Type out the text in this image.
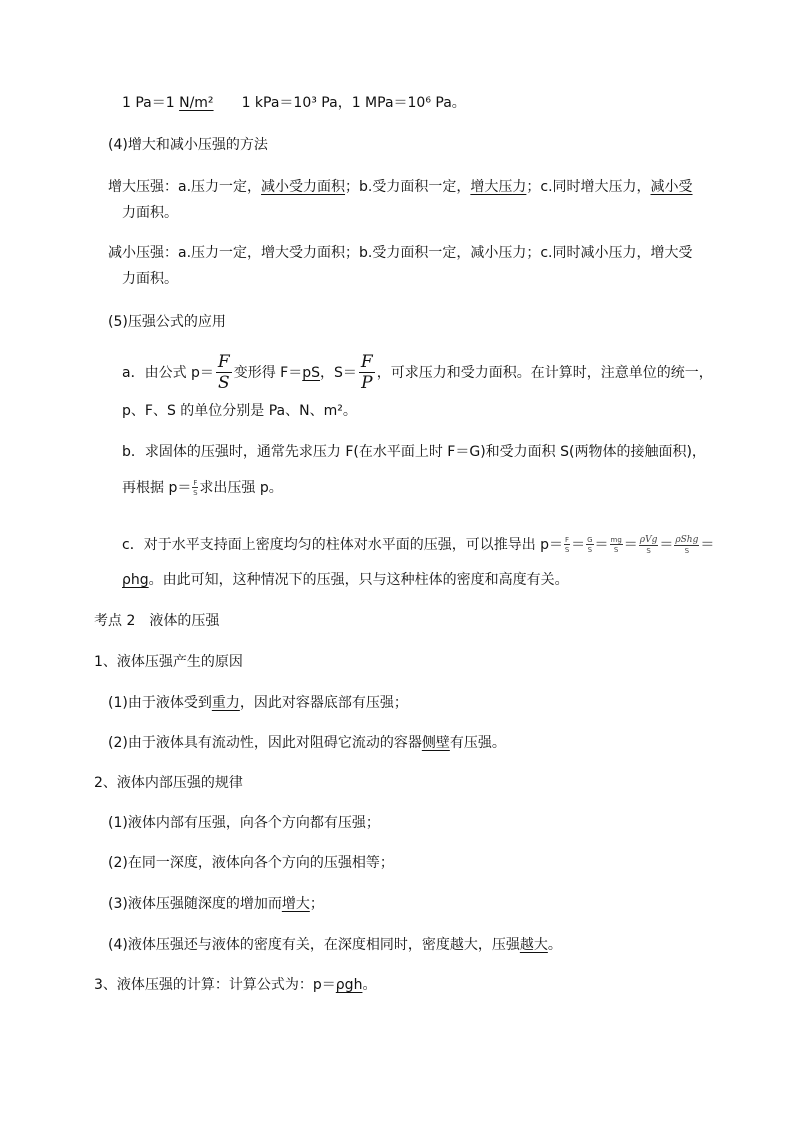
1 Pa＝1 N/m² 1 kPa＝10³ Pa，1 MPa＝10⁶ Pa。
(4)增大和减小压强的方法
增大压强：a.压力一定，减小受力面积；b.受力面积一定，增大压力；c.同时增大压力，减小受
力面积。
减小压强：a.压力一定，增大受力面积；b.受力面积一定，减小压力；c.同时减小压力，增大受
力面积。
(5)压强公式的应用
a．由公式 $p= \frac{F}{S}$ 变形得 F＝pS，$S= \frac{F}{P}$ ，可求压力和受力面积。在计算时，注意单位的统一，
p、F、S 的单位分别是 Pa、N、m²。
b．求固体的压强时，通常先求压力 F(在水平面上时 F＝G)和受力面积 S(两物体的接触面积)，
再根据 $p= \frac{F}{S}$ 求出压强 p。
c．对于水平支持面上密度均匀的柱体对水平面的压强，可以推导出 $p= \frac{F}{S} = \frac{G}{S} = \frac{mg}{S} = \rho Vg$
S ＝ ρShg
S ＝
ρhg。由此可知，这种情况下的压强，只与这种柱体的密度和高度有关。
考点 2　液体的压强
1、液体压强产生的原因
(1)由于液体受到重力，因此对容器底部有压强；
(2)由于液体具有流动性，因此对阻碍它流动的容器侧壁有压强。
2、液体内部压强的规律
(1)液体内部有压强，向各个方向都有压强；
(2)在同一深度，液体向各个方向的压强相等；
(3)液体压强随深度的增加而增大；
(4)液体压强还与液体的密度有关，在深度相同时，密度越大，压强越大。
3、液体压强的计算：计算公式为：p＝ρgh。
